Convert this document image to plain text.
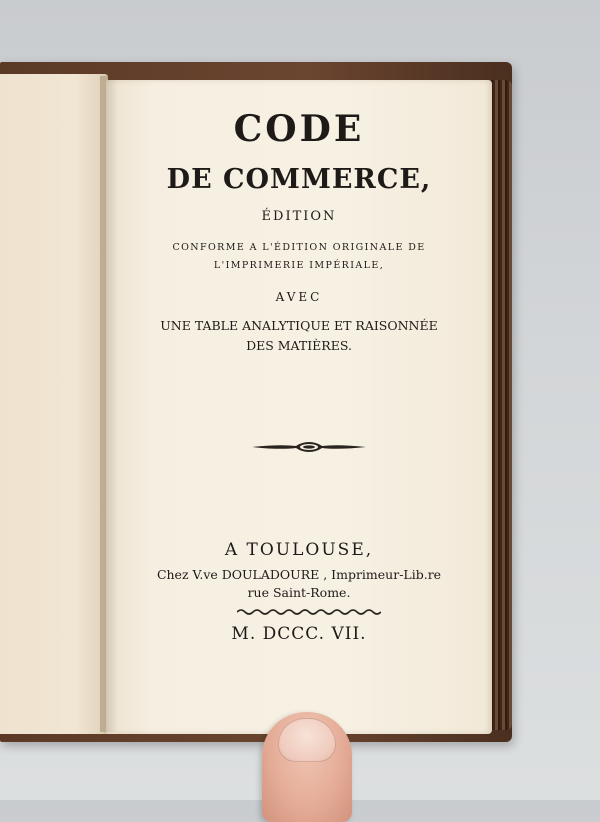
CODE
DE COMMERCE,
ÉDITION
CONFORME A L'ÉDITION ORIGINALE DE
L'IMPRIMERIE IMPÉRIALE,
AVEC
UNE TABLE ANALYTIQUE ET RAISONNÉE
DES MATIÈRES.
A TOULOUSE,
Chez V.ve DOULADOURE , Imprimeur-Lib.re
rue Saint-Rome.
M. DCCC. VII.
